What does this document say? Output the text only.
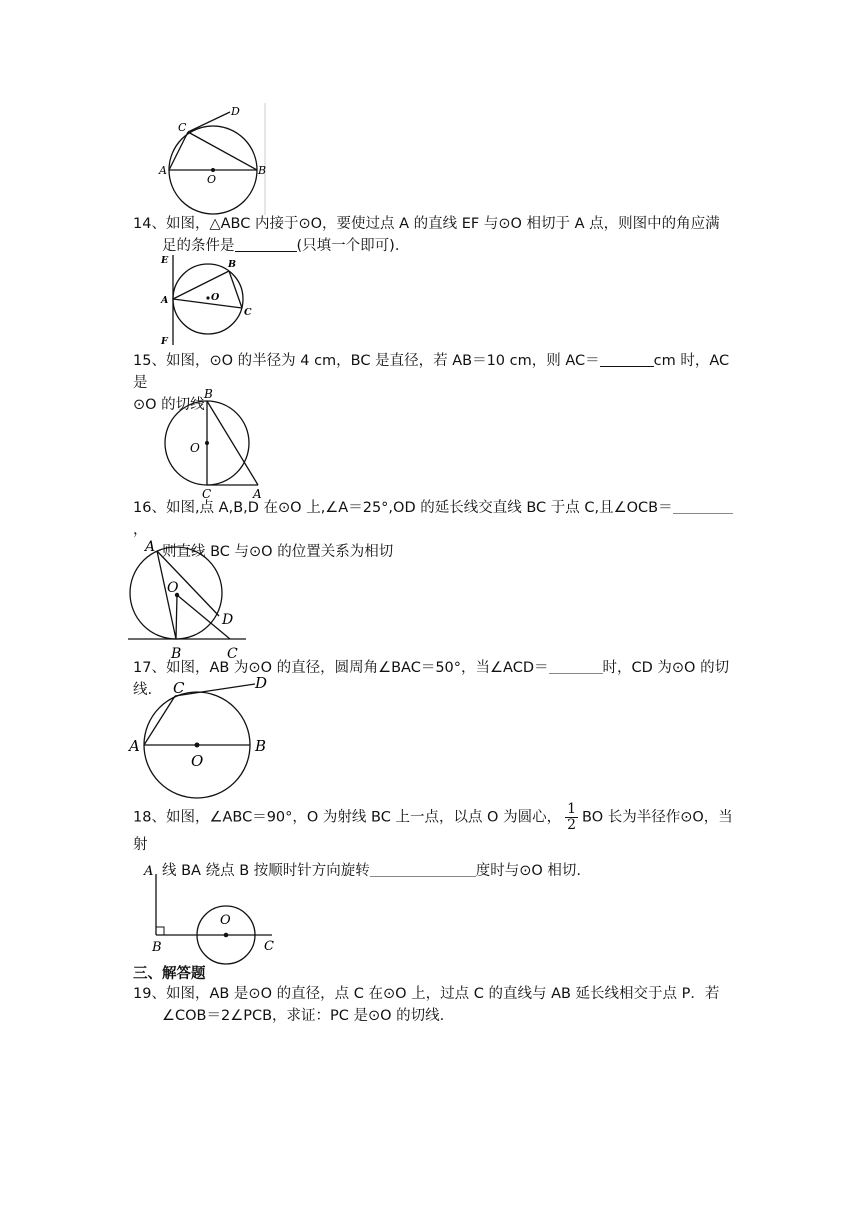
A	B
C
D
O
14、如图，△ABC 内接于⊙O，要使过点 A 的直线 EF 与⊙O 相切于 A 点，则图中的角应满
足的条件是	(只填一个即可).
E
F
A
B
C
O
15、如图，⊙O 的半径为 4 cm，BC 是直径，若 AB＝10 cm，则 AC＝	cm 时，AC 是
⊙O 的切线
B
O
C	A
16、如图,点 A,B,D 在⊙O 上,∠A＝25°,OD 的延长线交直线 BC 于点 C,且∠OCB＝，
则直线 BC 与⊙O 的位置关系为相切
A
O
D
B	C
17、如图，AB 为⊙O 的直径，圆周角∠BAC＝50°，当∠ACD＝	时，CD 为⊙O 的切线.
A	B
C	D
O
18、如图，∠ABC＝90°，O 为射线 BC 上一点，以点 O 为圆心， $\frac{1}{2}$ BO 长为半径作⊙O，当射
线 BA 绕点 B 按顺时针方向旋转	度时与⊙O 相切.
A
B
O
C
三、解答题
19、如图，AB 是⊙O 的直径，点 C 在⊙O 上，过点 C 的直线与 AB 延长线相交于点 P．若
∠COB＝2∠PCB，求证：PC 是⊙O 的切线.
